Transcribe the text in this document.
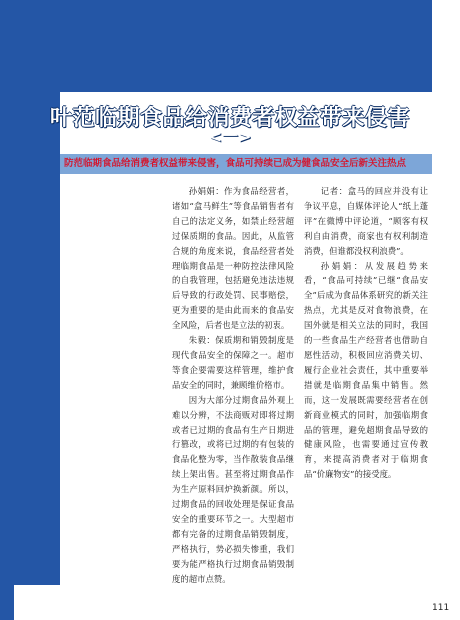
叶范临期食品给消费者权益带来侵害
<一>
防范临期食品给消费者权益带来侵害，食品可持续已成为健食品安全后新关注热点

记者：日前，一则《临期间品制造注重械也不送入，盒马鲜生被批滥要》的新闻在网上流传，蔬菜肉类、甜品饮料一批批被无情扔进垃圾桶里，只因它们临近保质期。对此，盒马在回应中称，过期商品确实有安全问题，比如叫腿死掉后会释放毒素，所以加热也无法彻底消灭细菌，贪小便宜吃掉也是非常危险的。

如何解决这一问题，牵扯到资源是否能在社会中尽量流通及分配，从而在最大程度上减少浪费的问题。数据这方面谈论还是有很大进步空间的，在订货量和实际购买量方面也需要最大限度地保持平衡，从源头止损当然是避免浪费的最好方式，这方面也是有所欠缺，需要更多地努力。

孙娟娟：作为食品经营者，诸如“盒马鲜生”等食品销售者有自己的法定义务，如禁止经营超过保质期的食品。因此，从监管合规的角度来说，食品经营者处理临期食品是一种防控法律风险的自我管理，包括避免违法违规后导致的行政处罚、民事赔偿，更为重要的是由此而来的食品安全风险，后者也是立法的初衷。

朱毅：保质期和销毁制度是现代食品安全的保障之一。超市等食企要需要这样管理，维护食品安全的同时，兼顾维价格市。

因为大部分过期食品外观上难以分辨，不法商贩对即将过期或者已过期的食品有生产日期进行篡改，或将已过期的有包装的食品化整为零，当作散装食品继续上架出售。甚至将过期食品作为生产原料回炉换新颜。所以，过期食品的回收处理是保证食品安全的重要环节之一。大型超市都有完备的过期食品销毁制度，严格执行，势必损失惨重，我们要为能严格执行过期食品销毁制度的超市点赞。

记者：盒马的回应并没有让争议平息，自媒体评论人“纸上蓬评”在微博中评论道，“顾客有权利自由消费，商家也有权利制造消费，但谁都没权利浪费”。

孙娟娟：从发展趋势来看，“食品可持续”已继“食品安全”后成为食品体系研究的新关注热点，尤其是反对食物浪费，在国外就是相关立法的同时，我国的一些食品生产经营者也借助自愿性活动，积极回应消费关切、履行企业社会责任，其中重要举措就是临期食品集中销售。然而，这一发展既需要经营者在创新商业模式的同时，加强临期食品的管理，避免超期食品导致的健康风险，也需要通过宣传教育，来提高消费者对于临期食品“价廉物安”的接受度。

111
